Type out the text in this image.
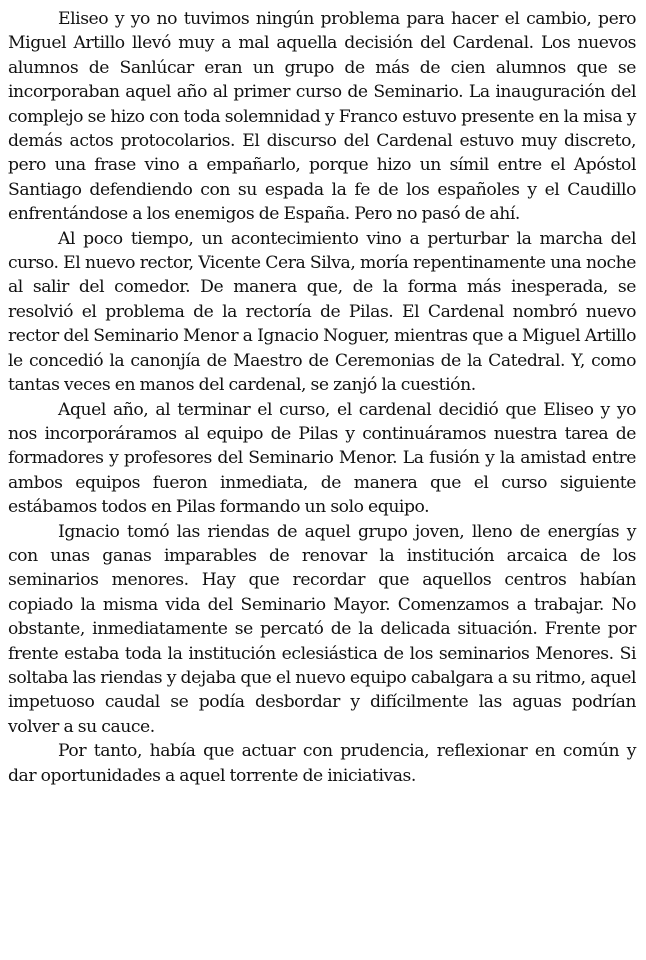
Eliseo y yo no tuvimos ningún problema para hacer el cambio, pero Miguel Artillo llevó muy a mal aquella decisión del Cardenal. Los nuevos alumnos de Sanlúcar eran un grupo de más de cien alumnos que se incorporaban aquel año al primer curso de Seminario. La inauguración del complejo se hizo con toda solemnidad y Franco estuvo presente en la misa y demás actos protocolarios. El discurso del Cardenal estuvo muy discreto, pero una frase vino a empañarlo, porque hizo un símil entre el Apóstol Santiago defendiendo con su espada la fe de los españoles y el Caudillo enfrentándose a los enemigos de España. Pero no pasó de ahí.

Al poco tiempo, un acontecimiento vino a perturbar la marcha del curso. El nuevo rector, Vicente Cera Silva, moría repentinamente una noche al salir del comedor. De manera que, de la forma más inesperada, se resolvió el problema de la rectoría de Pilas. El Cardenal nombró nuevo rector del Seminario Menor a Ignacio Noguer, mientras que a Miguel Artillo le concedió la canonjía de Maestro de Ceremonias de la Catedral. Y, como tantas veces en manos del cardenal, se zanjó la cuestión.

Aquel año, al terminar el curso, el cardenal decidió que Eliseo y yo nos incorporáramos al equipo de Pilas y continuáramos nuestra tarea de formadores y profesores del Seminario Menor. La fusión y la amistad entre ambos equipos fueron inmediata, de manera que el curso siguiente estábamos todos en Pilas formando un solo equipo.

Ignacio tomó las riendas de aquel grupo joven, lleno de energías y con unas ganas imparables de renovar la institución arcaica de los seminarios menores. Hay que recordar que aquellos centros habían copiado la misma vida del Seminario Mayor. Comenzamos a trabajar. No obstante, inmediatamente se percató de la delicada situación. Frente por frente estaba toda la institución eclesiástica de los seminarios Menores. Si soltaba las riendas y dejaba que el nuevo equipo cabalgara a su ritmo, aquel impetuoso caudal se podía desbordar y difícilmente las aguas podrían volver a su cauce.

Por tanto, había que actuar con prudencia, reflexionar en común y dar oportunidades a aquel torrente de iniciativas.
